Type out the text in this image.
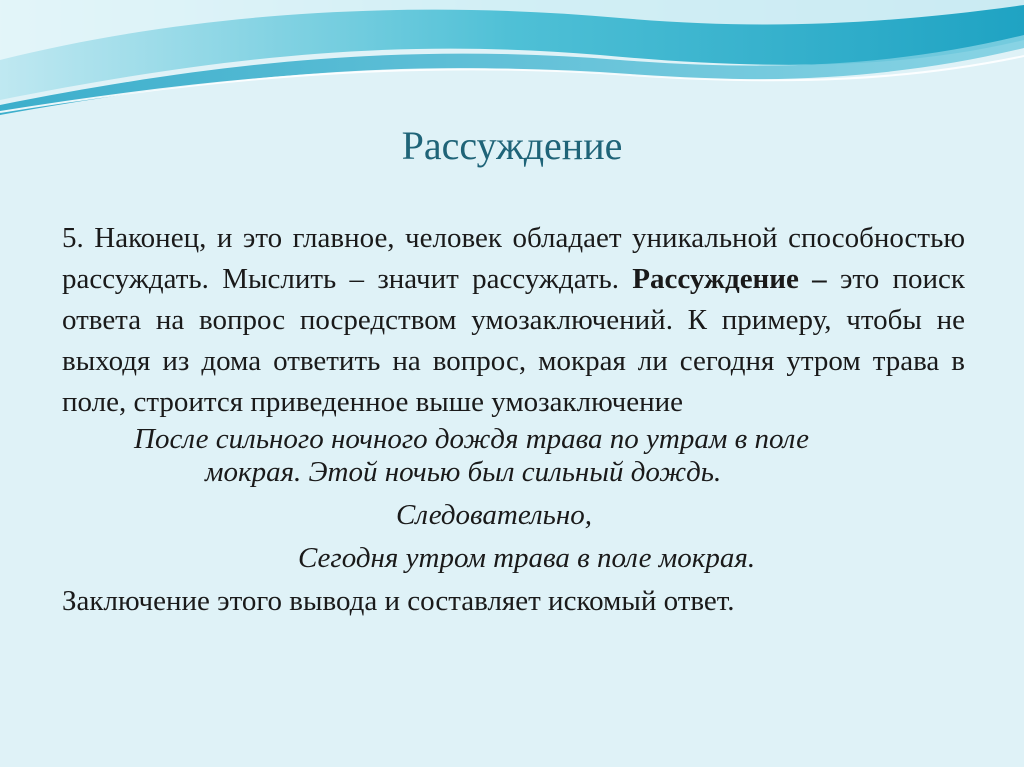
Рассуждение

5. Наконец, и это главное, человек обладает уникальной способностью рассуждать. Мыслить – значит рассуждать. Рассуждение – это поиск ответа на вопрос посредством умозаключений. К примеру, чтобы не выходя из дома ответить на вопрос, мокрая ли сегодня утром трава в поле, строится приведенное выше умозаключение

После сильного ночного дождя трава по утрам в поле

мокрая. Этой ночью был сильный дождь.

Следовательно,

Сегодня утром трава в поле мокрая.

Заключение этого вывода и составляет искомый ответ.
